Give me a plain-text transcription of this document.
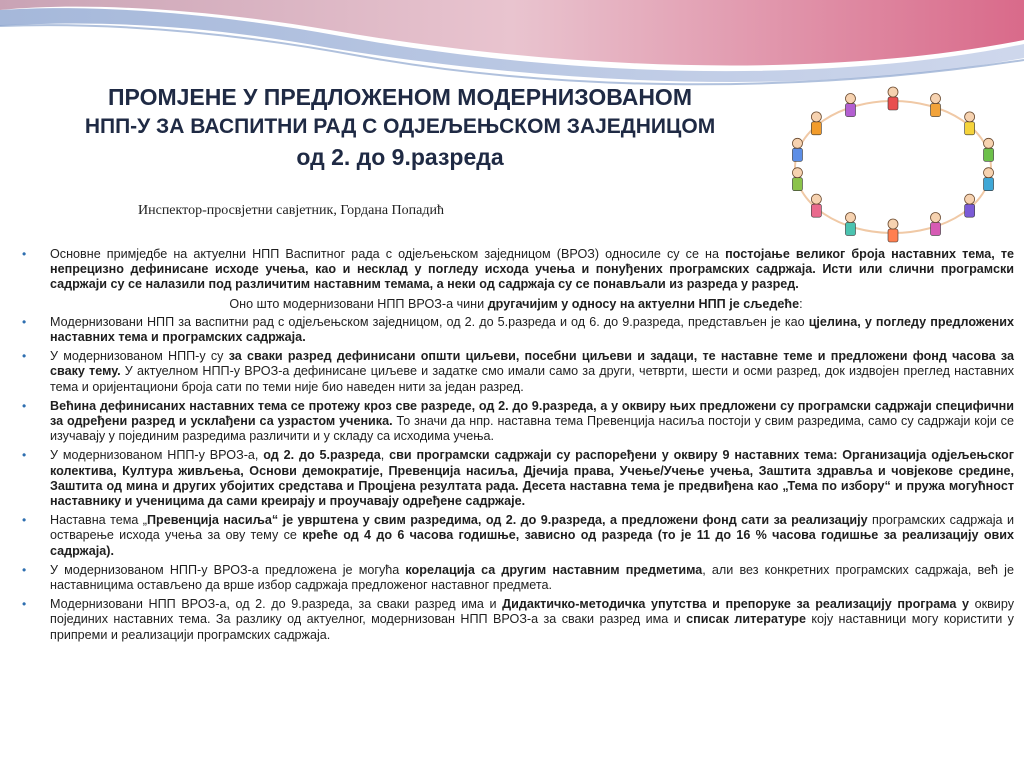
ПРОМЈЕНЕ У ПРЕДЛОЖЕНОМ МОДЕРНИЗОВАНОМ
НПП-У ЗА ВАСПИТНИ РАД С ОДЈЕЉЕЊСКОМ ЗАЈЕДНИЦОМ
од 2. до 9.разреда
Инспектор-просвјетни савјетник, Гордана Попадић
• Основне примједбе на актуелни НПП Васпитног рада с одјељењском заједницом (ВРОЗ) односиле су се на постојање великог броја наставних тема, те непрецизно дефинисане исходе учења, као и несклад у погледу исхода учења и понуђених програмских садржаја. Исти или слични програмски садржаји су се налазили под различитим наставним темама, а неки од садржаја су се понављали из разреда у разред.
Оно што модернизовани НПП ВРОЗ-а чини другачијим у односу на актуелни НПП је сљедеће:
• Модернизовани НПП за васпитни рад с одјељењском заједницом, од 2. до 5.разреда и од 6. до 9.разреда, представљен је као цјелина, у погледу предложених наставних тема и програмских садржаја.
• У модернизованом НПП-у су за сваки разред дефинисани општи циљеви, посебни циљеви и задаци, те наставне теме и предложени фонд часова за сваку тему. У актуелном НПП-у ВРОЗ-а дефинисане циљеве и задатке смо имали само за други, четврти, шести и осми разред, док издвојен преглед наставних тема и оријентациони броја сати по теми није био наведен нити за један разред.
• Већина дефинисаних наставних тема се протежу кроз све разреде, од 2. до 9.разреда, а у оквиру њих предложени су програмски садржаји специфични за одређени разред и усклађени са узрастом ученика. То значи да нпр. наставна тема Превенција насиља постоји у свим разредима, само су садржаји који се изучавају у појединим разредима различити и у складу са исходима учења.
• У модернизованом НПП-у ВРОЗ-а, од 2. до 5.разреда, сви програмски садржаји су распоређени у оквиру 9 наставних тема: Организација одјељењског колектива, Култура живљења, Основи демократије, Превенција насиља, Дјечија права, Учење/Учење учења, Заштита здравља и човјекове средине, Заштита од мина и других убојитих средстава и Процјена резултата рада. Десета наставна тема је предвиђена као „Тема по избору“ и пружа могућност наставнику и ученицима да сами креирају и проучавају одређене садржаје.
• Наставна тема „Превенција насиља“ је уврштена у свим разредима, од 2. до 9.разреда, а предложени фонд сати за реализацију програмских садржаја и остварење исхода учења за ову тему се креће од 4 до 6 часова годишње, зависно од разреда (то је 11 до 16 % часова годишње за реализацију ових садржаја).
• У модернизованом НПП-у ВРОЗ-а предложена је могућа корелација са другим наставним предметима, али вез конкретних програмских садржаја, већ је наставницима остављено да врше избор садржаја предложеног наставног предмета.
• Модернизовани НПП ВРОЗ-а, од 2. до 9.разреда, за сваки разред има и Дидактичко-методичка упутства и препоруке за реализацију програма у оквиру појединих наставних тема. За разлику од актуелног, модернизован НПП ВРОЗ-а за сваки разред има и списак литературе коју наставници могу користити у припреми и реализацији програмских садржаја.
